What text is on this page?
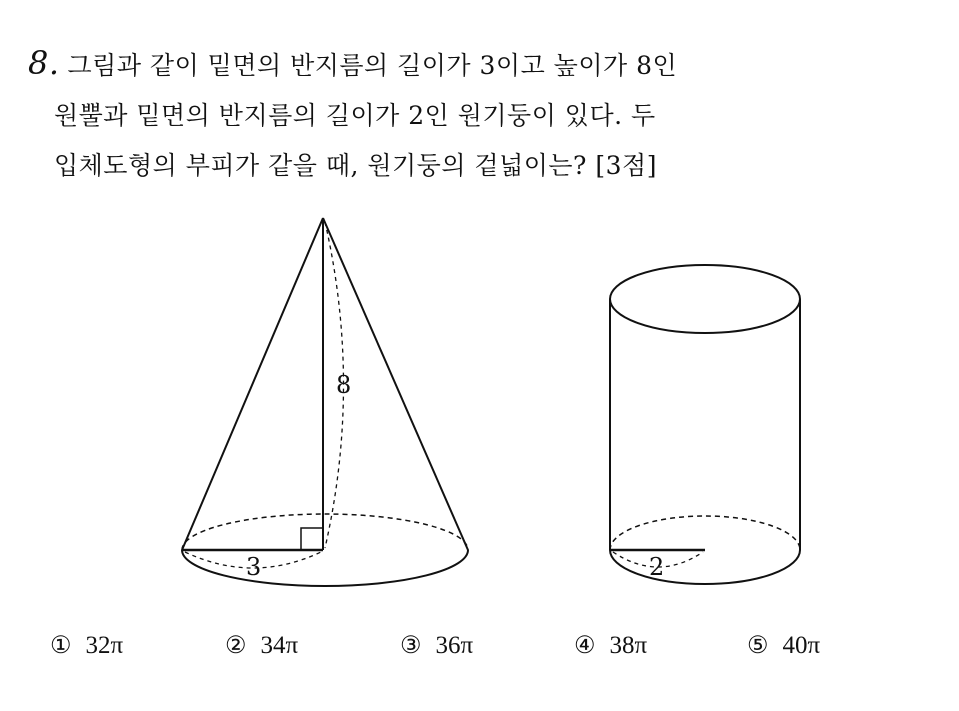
8. 그림과 같이 밑면의 반지름의 길이가 3이고 높이가 8인
원뿔과 밑면의 반지름의 길이가 2인 원기둥이 있다. 두
입체도형의 부피가 같을 때, 원기둥의 겉넓이는? [3점]
8
3	2
① 32π	② 34π	③ 36π	④ 38π	⑤ 40π
